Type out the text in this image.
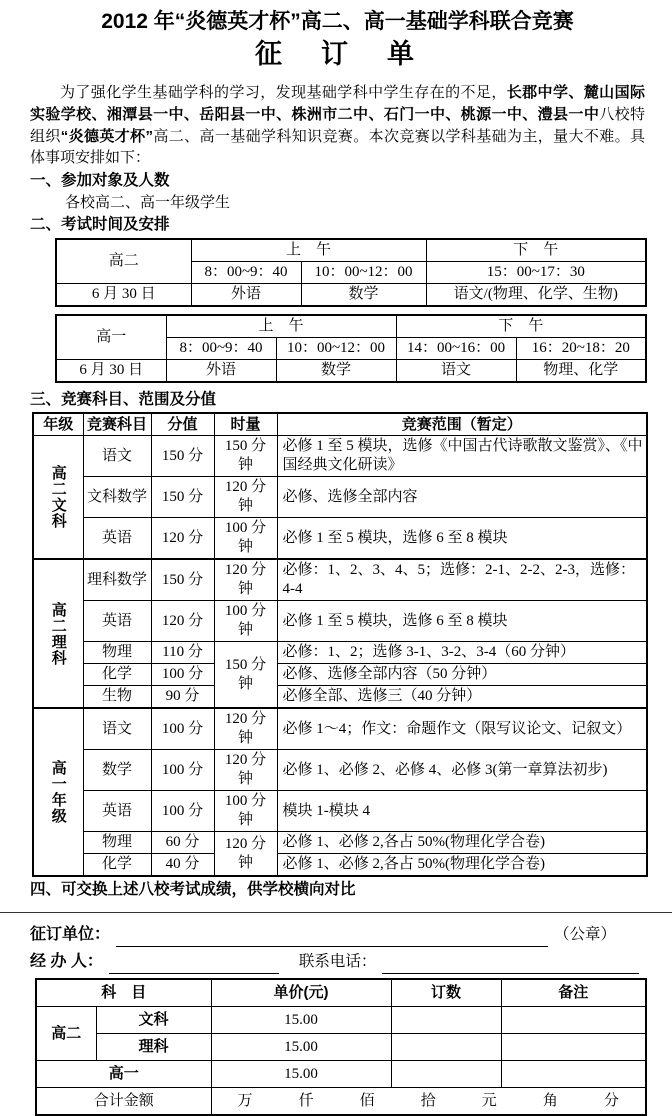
2012 年“炎德英才杯”高二、高一基础学科联合竞赛
征　订　单

为了强化学生基础学科的学习，发现基础学科中学生存在的不足，长郡中学、麓山国际实验学校、湘潭县一中、岳阳县一中、株洲市二中、石门一中、桃源一中、澧县一中八校特组织“炎德英才杯”高二、高一基础学科知识竞赛。本次竞赛以学科基础为主，量大不难。具体事项安排如下：

一、参加对象及人数
各校高二、高一年级学生
二、考试时间及安排
高二	上　午		下　午
	8：00~9：40	10：00~12：00	15：00~17：30
6 月 30 日	外语	数学	语文/(物理、化学、生物)
高一	上　午		下　午	
	8：00~9：40	10：00~12：00	14：00~16：00	16：20~18：20
6 月 30 日	外语	数学	语文	物理、化学
三、竞赛科目、范围及分值
年级	竞赛科目	分值	时量	竞赛范围（暂定）

高二文科	语文	150 分	150 分钟	必修 1 至 5 模块，选修《中国古代诗歌散文鉴赏》、《中国经典文化研读》
	文科数学	150 分	120 分钟	必修、选修全部内容
	英语	120 分	100 分钟	必修 1 至 5 模块，选修 6 至 8 模块

高二理科	理科数学	150 分	120 分钟	必修：1、2、3、4、5；选修：2-1、2-2、2-3，选修：4-4
	英语	120 分	100 分钟	必修 1 至 5 模块，选修 6 至 8 模块
	物理	110 分	150 分钟	必修：1、2；选修 3-1、3-2、3-4（60 分钟）
	化学	100 分		必修、选修全部内容（50 分钟）
	生物	90 分		必修全部、选修三（40 分钟）

高一年级	语文	100 分	120 分钟	必修 1～4；作文：命题作文（限写议论文、记叙文）
	数学	100 分	120 分钟	必修 1、必修 2、必修 4、必修 3(第一章算法初步)
	英语	100 分	100 分钟	模块 1-模块 4
	物理	60 分	120 分钟	必修 1、必修 2,各占 50%(物理化学合卷)
	化学	40 分		必修 1、必修 2,各占 50%(物理化学合卷)
四、可交换上述八校考试成绩，供学校横向对比
征订单位：	（公章）
经 办 人：	联系电话：
科　目		单价(元)	订数	备注
高二	文科	15.00		
	理科	15.00		
高一		15.00		
合计金额	万	仟	佰	拾	元	角	分
